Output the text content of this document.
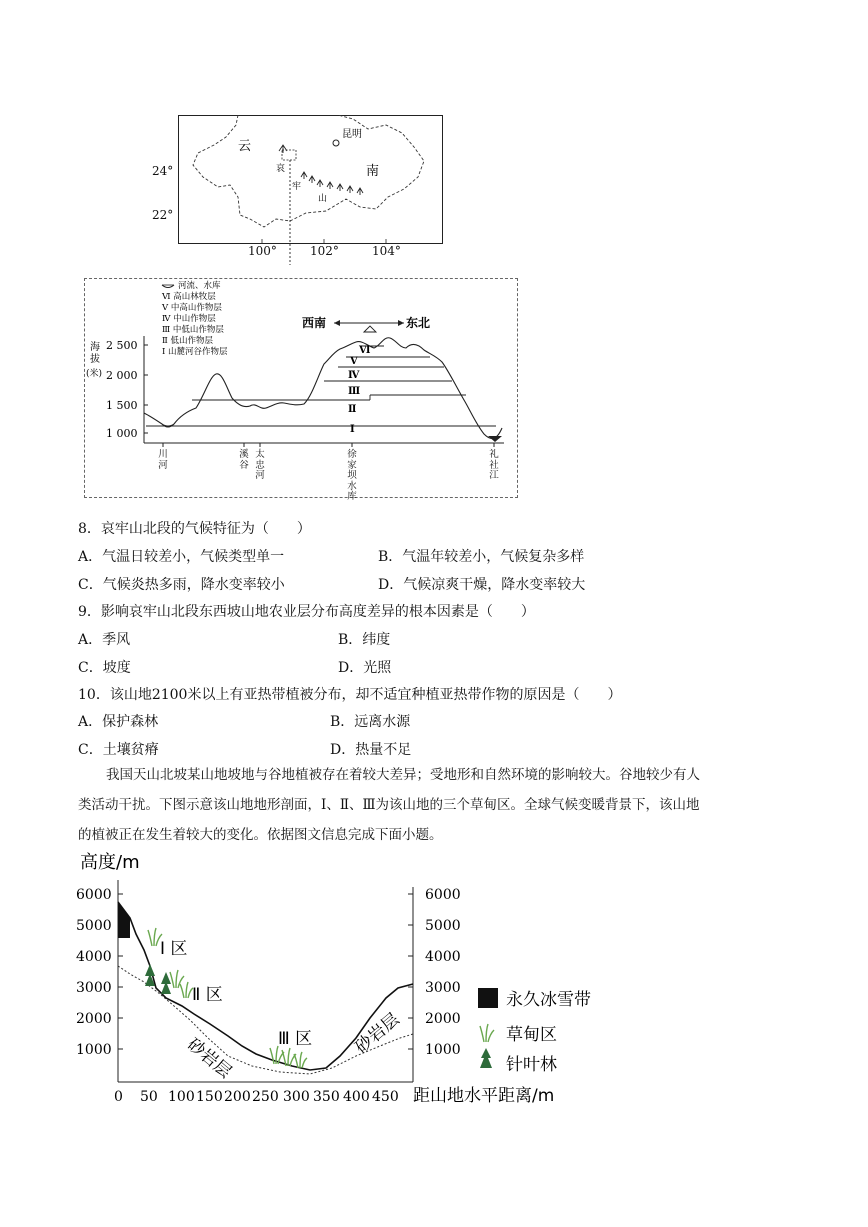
云
南
昆明
哀
牢
山
24°
22°
100°	102°	104°
河流、水库
Ⅵ 高山林牧层
Ⅴ 中高山作物层
Ⅳ 中山作物层
Ⅲ 中低山作物层
Ⅱ 低山作物层
Ⅰ 山麓河谷作物层
西南	东北
2 500
2 000
1 500
1 000
海
拔
(米)
Ⅵ
Ⅴ
Ⅳ
Ⅲ
Ⅱ
Ⅰ
川
河
溪
谷
太
忠
河
徐
家
坝
水
库
礼
社
江
8．哀牢山北段的气候特征为（　　）
A．气温日较差小，气候类型单一	B．气温年较差小，气候复杂多样
C．气候炎热多雨，降水变率较小	D．气候凉爽干燥，降水变率较大
9．影响哀牢山北段东西坡山地农业层分布高度差异的根本因素是（　　）
A．季风	B．纬度
C．坡度	D．光照
10．该山地2100米以上有亚热带植被分布，却不适宜种植亚热带作物的原因是（　　）
A．保护森林	B．远离水源
C．土壤贫瘠	D．热量不足
我国天山北坡某山地坡地与谷地植被存在着较大差异；受地形和自然环境的影响较大。谷地较少有人
类活动干扰。下图示意该山地地形剖面，Ⅰ、Ⅱ、Ⅲ为该山地的三个草甸区。全球气候变暖背景下，该山地
的植被正在发生着较大的变化。依据图文信息完成下面小题。
高度/m
6000
5000
4000
3000
2000
1000
6000
5000
4000
3000
2000
1000
0 50 100 150 200 250 300 350 400 450 距山地水平距离/m
砂岩层
砂岩层
Ⅰ 区
Ⅱ 区
Ⅲ 区
永久冰雪带
草甸区
针叶林
